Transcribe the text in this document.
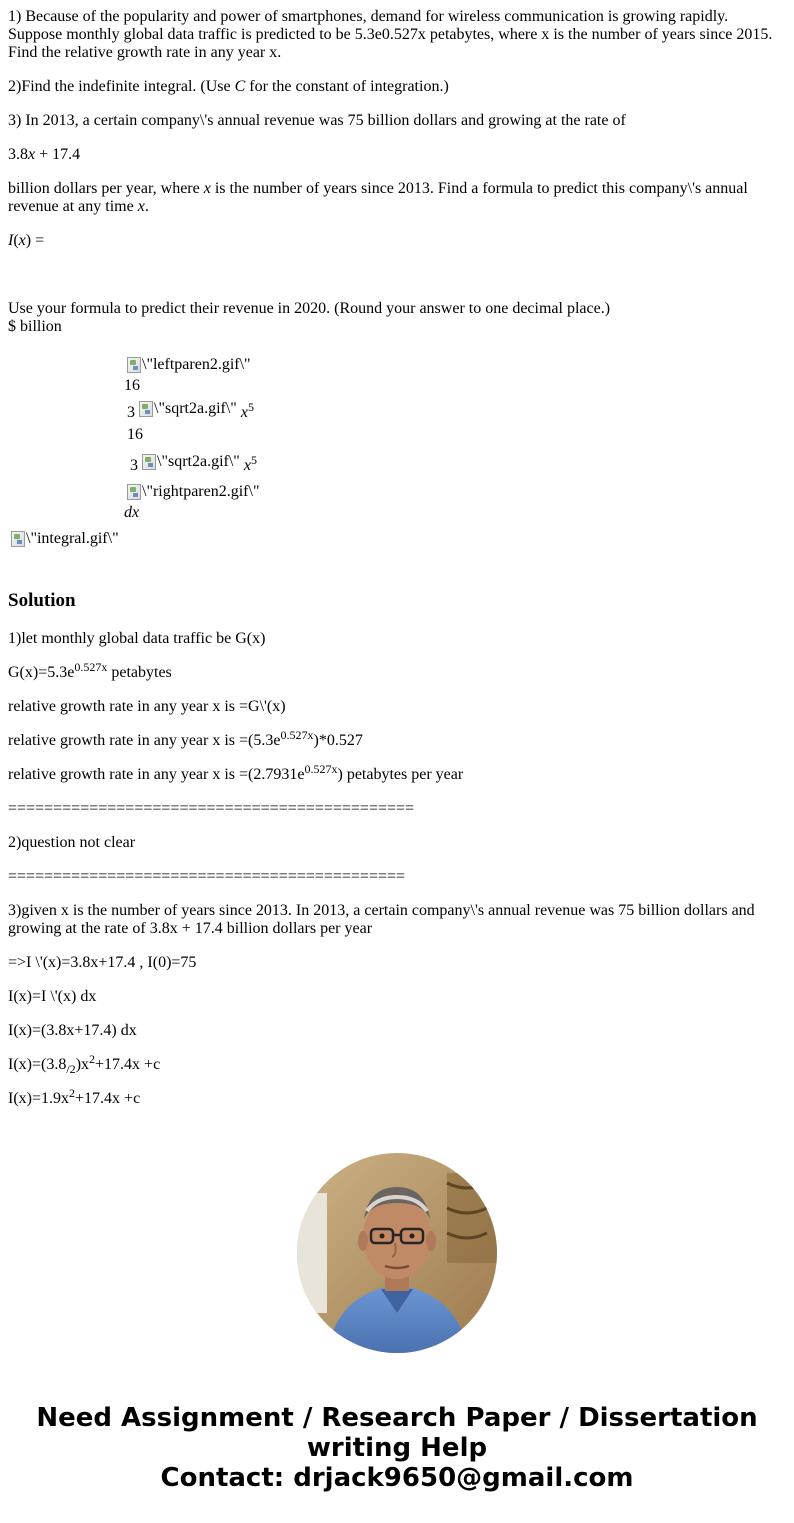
1) Because of the popularity and power of smartphones, demand for wireless communication is growing rapidly. Suppose monthly global data traffic is predicted to be 5.3e0.527x petabytes, where x is the number of years since 2015. Find the relative growth rate in any year x.

2)Find the indefinite integral. (Use C for the constant of integration.)

3) In 2013, a certain company\'s annual revenue was 75 billion dollars and growing at the rate of

3.8x + 17.4

billion dollars per year, where x is the number of years since 2013. Find a formula to predict this company\'s annual revenue at any time x.

I(x) =

Use your formula to predict their revenue in 2020. (Round your answer to one decimal place.)

$ billion

\"leftparen2.gif\"
16
3 \"sqrt2a.gif\" $x^5$
16
3 \"sqrt2a.gif\" $x^5$
\"rightparen2.gif\"
dx
\"integral.gif\"
Solution

1)let monthly global data traffic be G(x)

$G(x)=5.3e^{0.527x}$ petabytes

relative growth rate in any year x is =G\'(x)

relative growth rate in any year x is $=(5.3e^{0.527x})*0.527$

relative growth rate in any year x is $=(2.7931e^{0.527x})$ petabytes per year

=============================================

2)question not clear

============================================

3)given x is the number of years since 2013. In 2013, a certain company\'s annual revenue was 75 billion dollars and growing at the rate of 3.8x + 17.4 billion dollars per year

=>I \'(x)=3.8x+17.4 , I(0)=75

I(x)=I \'(x) dx

I(x)=(3.8x+17.4) dx

$I(x)=(3.8_{/2})x^2+17.4x +c$

$I(x)=1.9x^2+17.4x +c$

Need Assignment / Research Paper / Dissertation
writing Help
Contact: drjack9650@gmail.com
